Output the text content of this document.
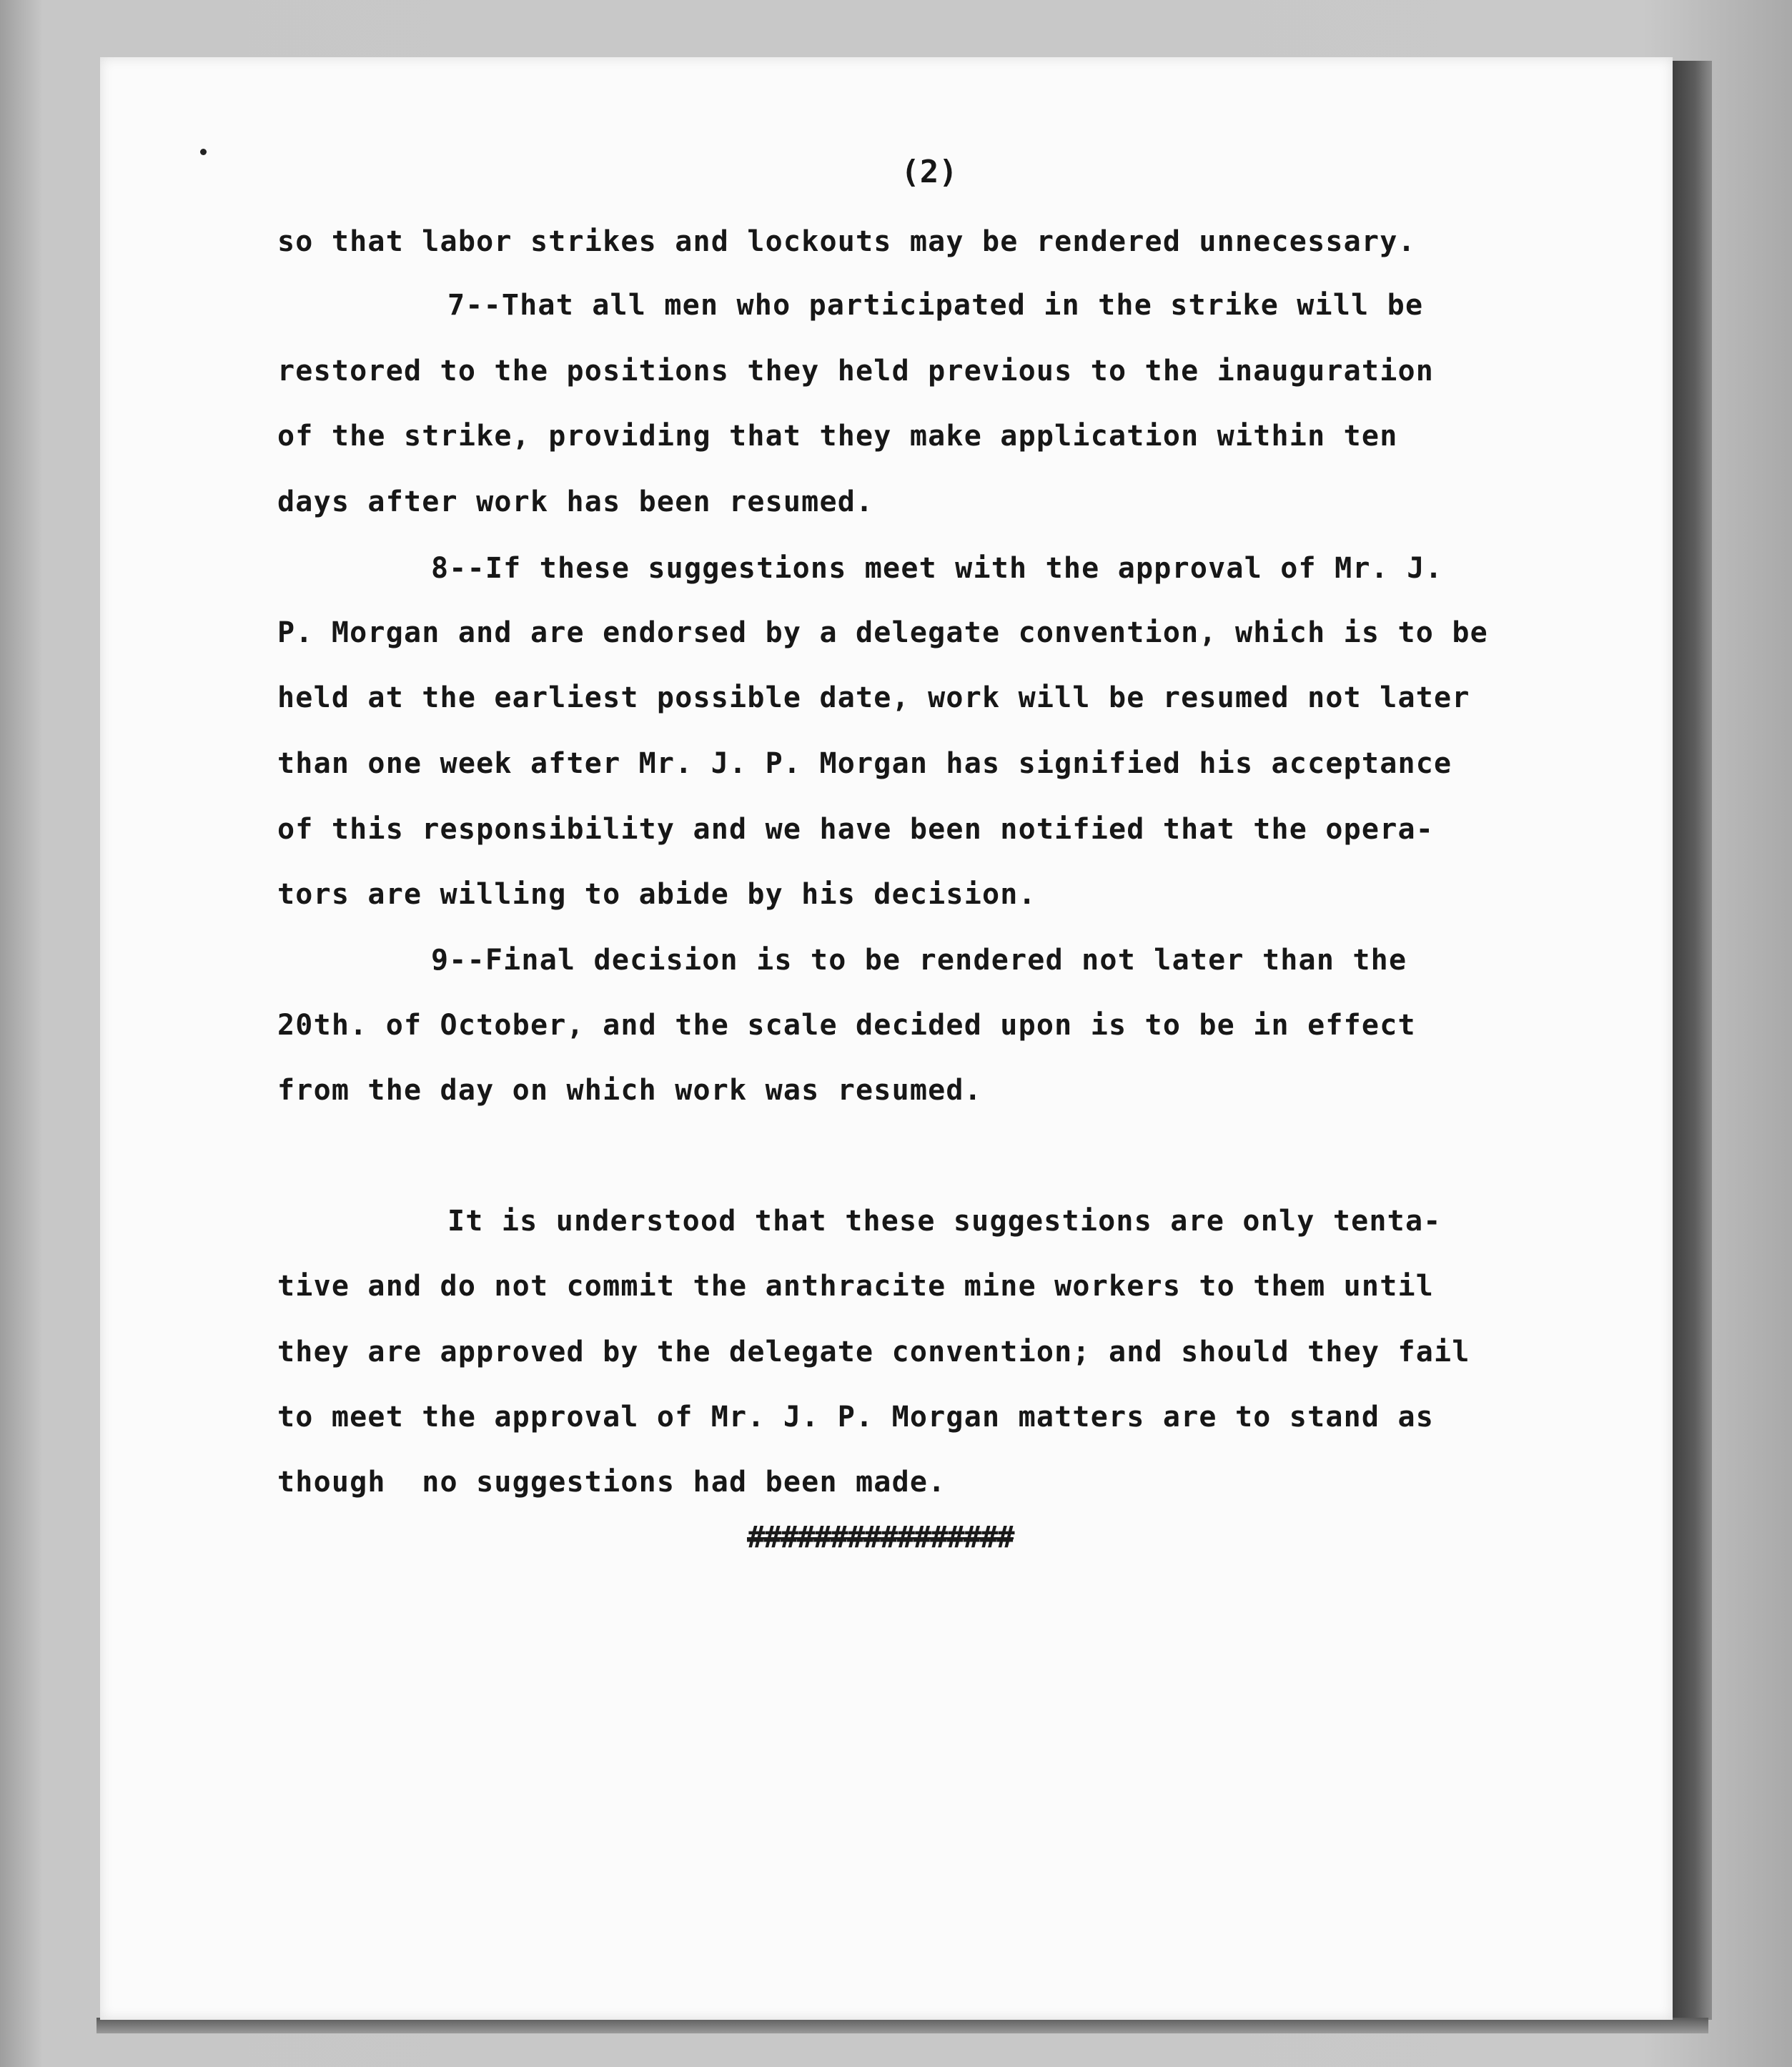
(2)

so that labor strikes and lockouts may be rendered unnecessary.

7--That all men who participated in the strike will be

restored to the positions they held previous to the inauguration

of the strike, providing that they make application within ten

days after work has been resumed.

8--If these suggestions meet with the approval of Mr. J.

P. Morgan and are endorsed by a delegate convention, which is to be

held at the earliest possible date, work will be resumed not later

than one week after Mr. J. P. Morgan has signified his acceptance

of this responsibility and we have been notified that the opera-

tors are willing to abide by his decision.

9--Final decision is to be rendered not later than the

20th. of October, and the scale decided upon is to be in effect

from the day on which work was resumed.

It is understood that these suggestions are only tenta-

tive and do not commit the anthracite mine workers to them until

they are approved by the delegate convention; and should they fail

to meet the approval of Mr. J. P. Morgan matters are to stand as

though  no suggestions had been made.

################
